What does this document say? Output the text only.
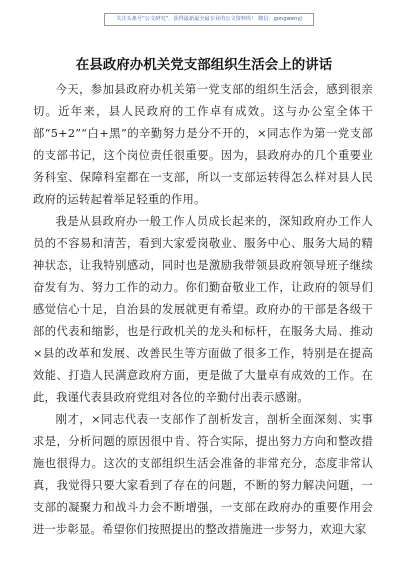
关注头条号“公文研究”，获得最新最全最专业的公文资料库！ 微信：gongwenyj
在县政府办机关党支部组织生活会上的讲话

今天，参加县政府办机关第一党支部的组织生活会，感到很亲切。近年来，县人民政府的工作卓有成效。这与办公室全体干部“5+2”“白+黑”的辛勤努力是分不开的，×同志作为第一党支部的支部书记，这个岗位责任很重要。因为，县政府办的几个重要业务科室、保障科室都在一支部，所以一支部运转得怎么样对县人民政府的运转起着举足轻重的作用。

我是从县政府办一般工作人员成长起来的，深知政府办工作人员的不容易和清苦，看到大家爱岗敬业、服务中心、服务大局的精神状态，让我特别感动，同时也是激励我带领县政府领导班子继续奋发有为、努力工作的动力。你们勤奋敬业工作，让政府的领导们感觉信心十足，自治县的发展就更有希望。政府办的干部是各级干部的代表和缩影，也是行政机关的龙头和标杆，在服务大局、推动×县的改革和发展、改善民生等方面做了很多工作，特别是在提高效能、打造人民满意政府方面，更是做了大量卓有成效的工作。在此，我谨代表县政府党组对各位的辛勤付出表示感谢。

刚才，×同志代表一支部作了剖析发言，剖析全面深刻、实事求是，分析问题的原因很中肯、符合实际，提出努力方向和整改措施也很得力。这次的支部组织生活会准备的非常充分，态度非常认真，我觉得只要大家看到了存在的问题，不断的努力解决问题，一支部的凝聚力和战斗力会不断增强，一支部在政府办的重要作用会进一步彰显。希望你们按照提出的整改措施进一步努力，欢迎大家
